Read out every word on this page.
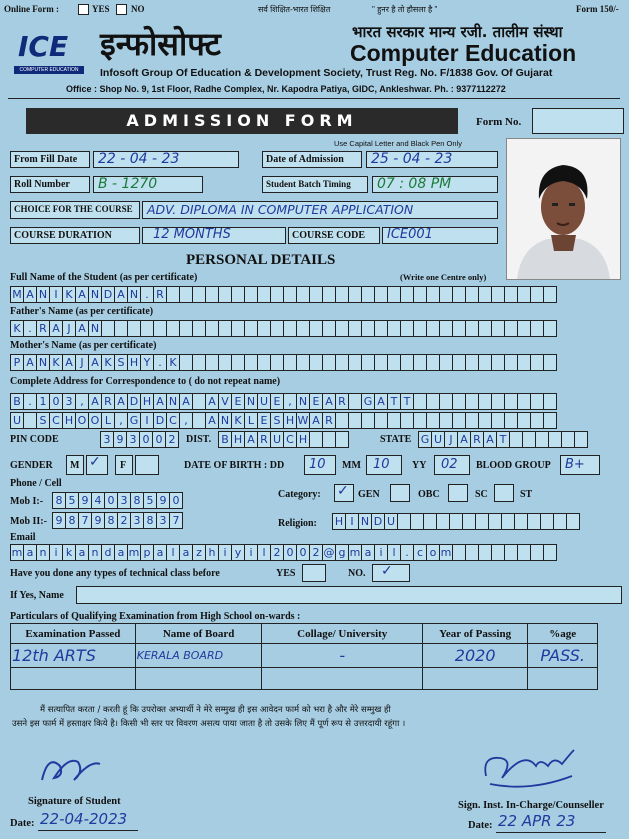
Online Form :	YES NO	सर्व शिक्षित-भारत शिक्षित	" हुनर है तो हौसला है "	Form 150/-
ICE
COMPUTER EDUCATION
इन्फोसोफ्ट	भारत सरकार मान्य रजी. तालीम संस्था
Computer Education
Infosoft Group Of Education & Development Society, Trust Reg. No. F/1838 Gov. Of Gujarat
Office : Shop No. 9, 1st Floor, Radhe Complex, Nr. Kapodra Patiya, GIDC, Ankleshwar. Ph. : 9377112272
ADMISSION FORM	Form No.
Use Capital Letter and Black Pen Only
From Fill Date 22 - 04 - 23	Date of Admission 25 - 04 - 23
Roll Number B - 1270	Student Batch Timing 07 : 08 PM
CHOICE FOR THE COURSE ADV. DIPLOMA IN COMPUTER APPLICATION
COURSE DURATION	12 MONTHS	COURSE CODE ICE001
PERSONAL DETAILS
Full Name of the Student (as per certificate)	(Write one Centre only)
M A N I K A N D A N . R
Father's Name (as per certificate)
K . R A J A N
Mother's Name (as per certificate)
P A N K A J A K S H Y . K
Complete Address for Correspondence to ( do not repeat name)
B . 1 0 3 , A R A D H A N A A V E N U E , N E A R G A T T
U	S C H O O L , G I D C ,	A N K L E S H W A R
PIN CODE	3 9 3 0 0 2	DIST. B H A R U C H	STATE G U J A R A T
GENDER M ✓ F	DATE OF BIRTH : DD 10 MM 10 YY 02 BLOOD GROUP B+
Phone / Cell
Mob I:-	8 5 9 4 0 3 8 5 9 0
Mob II:- 9 8 7 9 8 2 3 8 3 7
Category: ✓ GEN	OBC	SC	ST
Religion: H I N D U
Email
m a n i k a n d a m p a l a z h i y i l 2 0 0 2 @ g m a i l . c o m
Have you done any types of technical class before	YES	NO. ✓
If Yes, Name
Particulars of Qualifying Examination from High School on-wards :
Examination Passed	Name of Board	Collage/ University	Year of Passing	%age
12th ARTS	KERALA BOARD	-	2020	PASS.

मैं सत्यापित करता / करती हूं कि उपरोक्त अभ्यार्थी ने मेरे सम्मुख ही इस आवेदन फार्म को भरा है और मेरे सम्मुख ही
उसने इस फार्म में हस्ताक्षर किये है। किसी भी स्तर पर विवरण असत्य पाया जाता है तो उसके लिए मैं पूर्ण रूप से उत्तरदायी रहूंगा ।
Signature of Student
Date: 22-04-2023
Sign. Inst. In-Charge/Counseller
Date: 22 APR 23
